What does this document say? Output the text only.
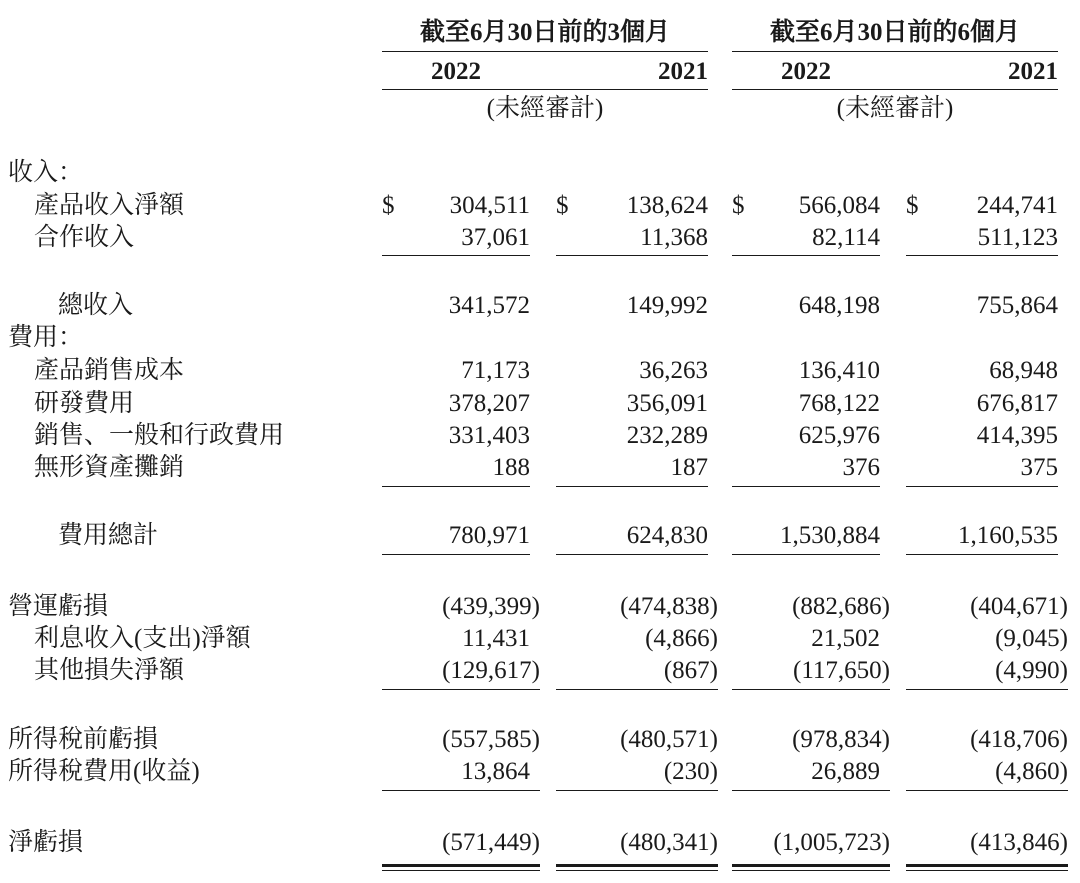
截至6月30日前的3個月	截至6月30日前的6個月
2022	2021	2022	2021
(未經審計)	(未經審計)
收入：
產品收入淨額	$	304,511 $	138,624 $	566,084 $	244,741
合作收入	37,061	11,368	82,114	511,123
總收入	341,572	149,992	648,198	755,864
費用：
產品銷售成本	71,173	36,263	136,410	68,948
研發費用	378,207	356,091	768,122	676,817
銷售、一般和行政費用	331,403	232,289	625,976	414,395
無形資產攤銷	188	187	376	375
費用總計	780,971	624,830	1,530,884	1,160,535
營運虧損	(439,399)	(474,838)	(882,686)	(404,671)
利息收入(支出)淨額	11,431	(4,866)	21,502	(9,045)
其他損失淨額	(129,617)	(867)	(117,650)	(4,990)
所得稅前虧損	(557,585)	(480,571)	(978,834)	(418,706)
所得稅費用(收益)	13,864	(230)	26,889	(4,860)
淨虧損	(571,449)	(480,341)	(1,005,723)	(413,846)
